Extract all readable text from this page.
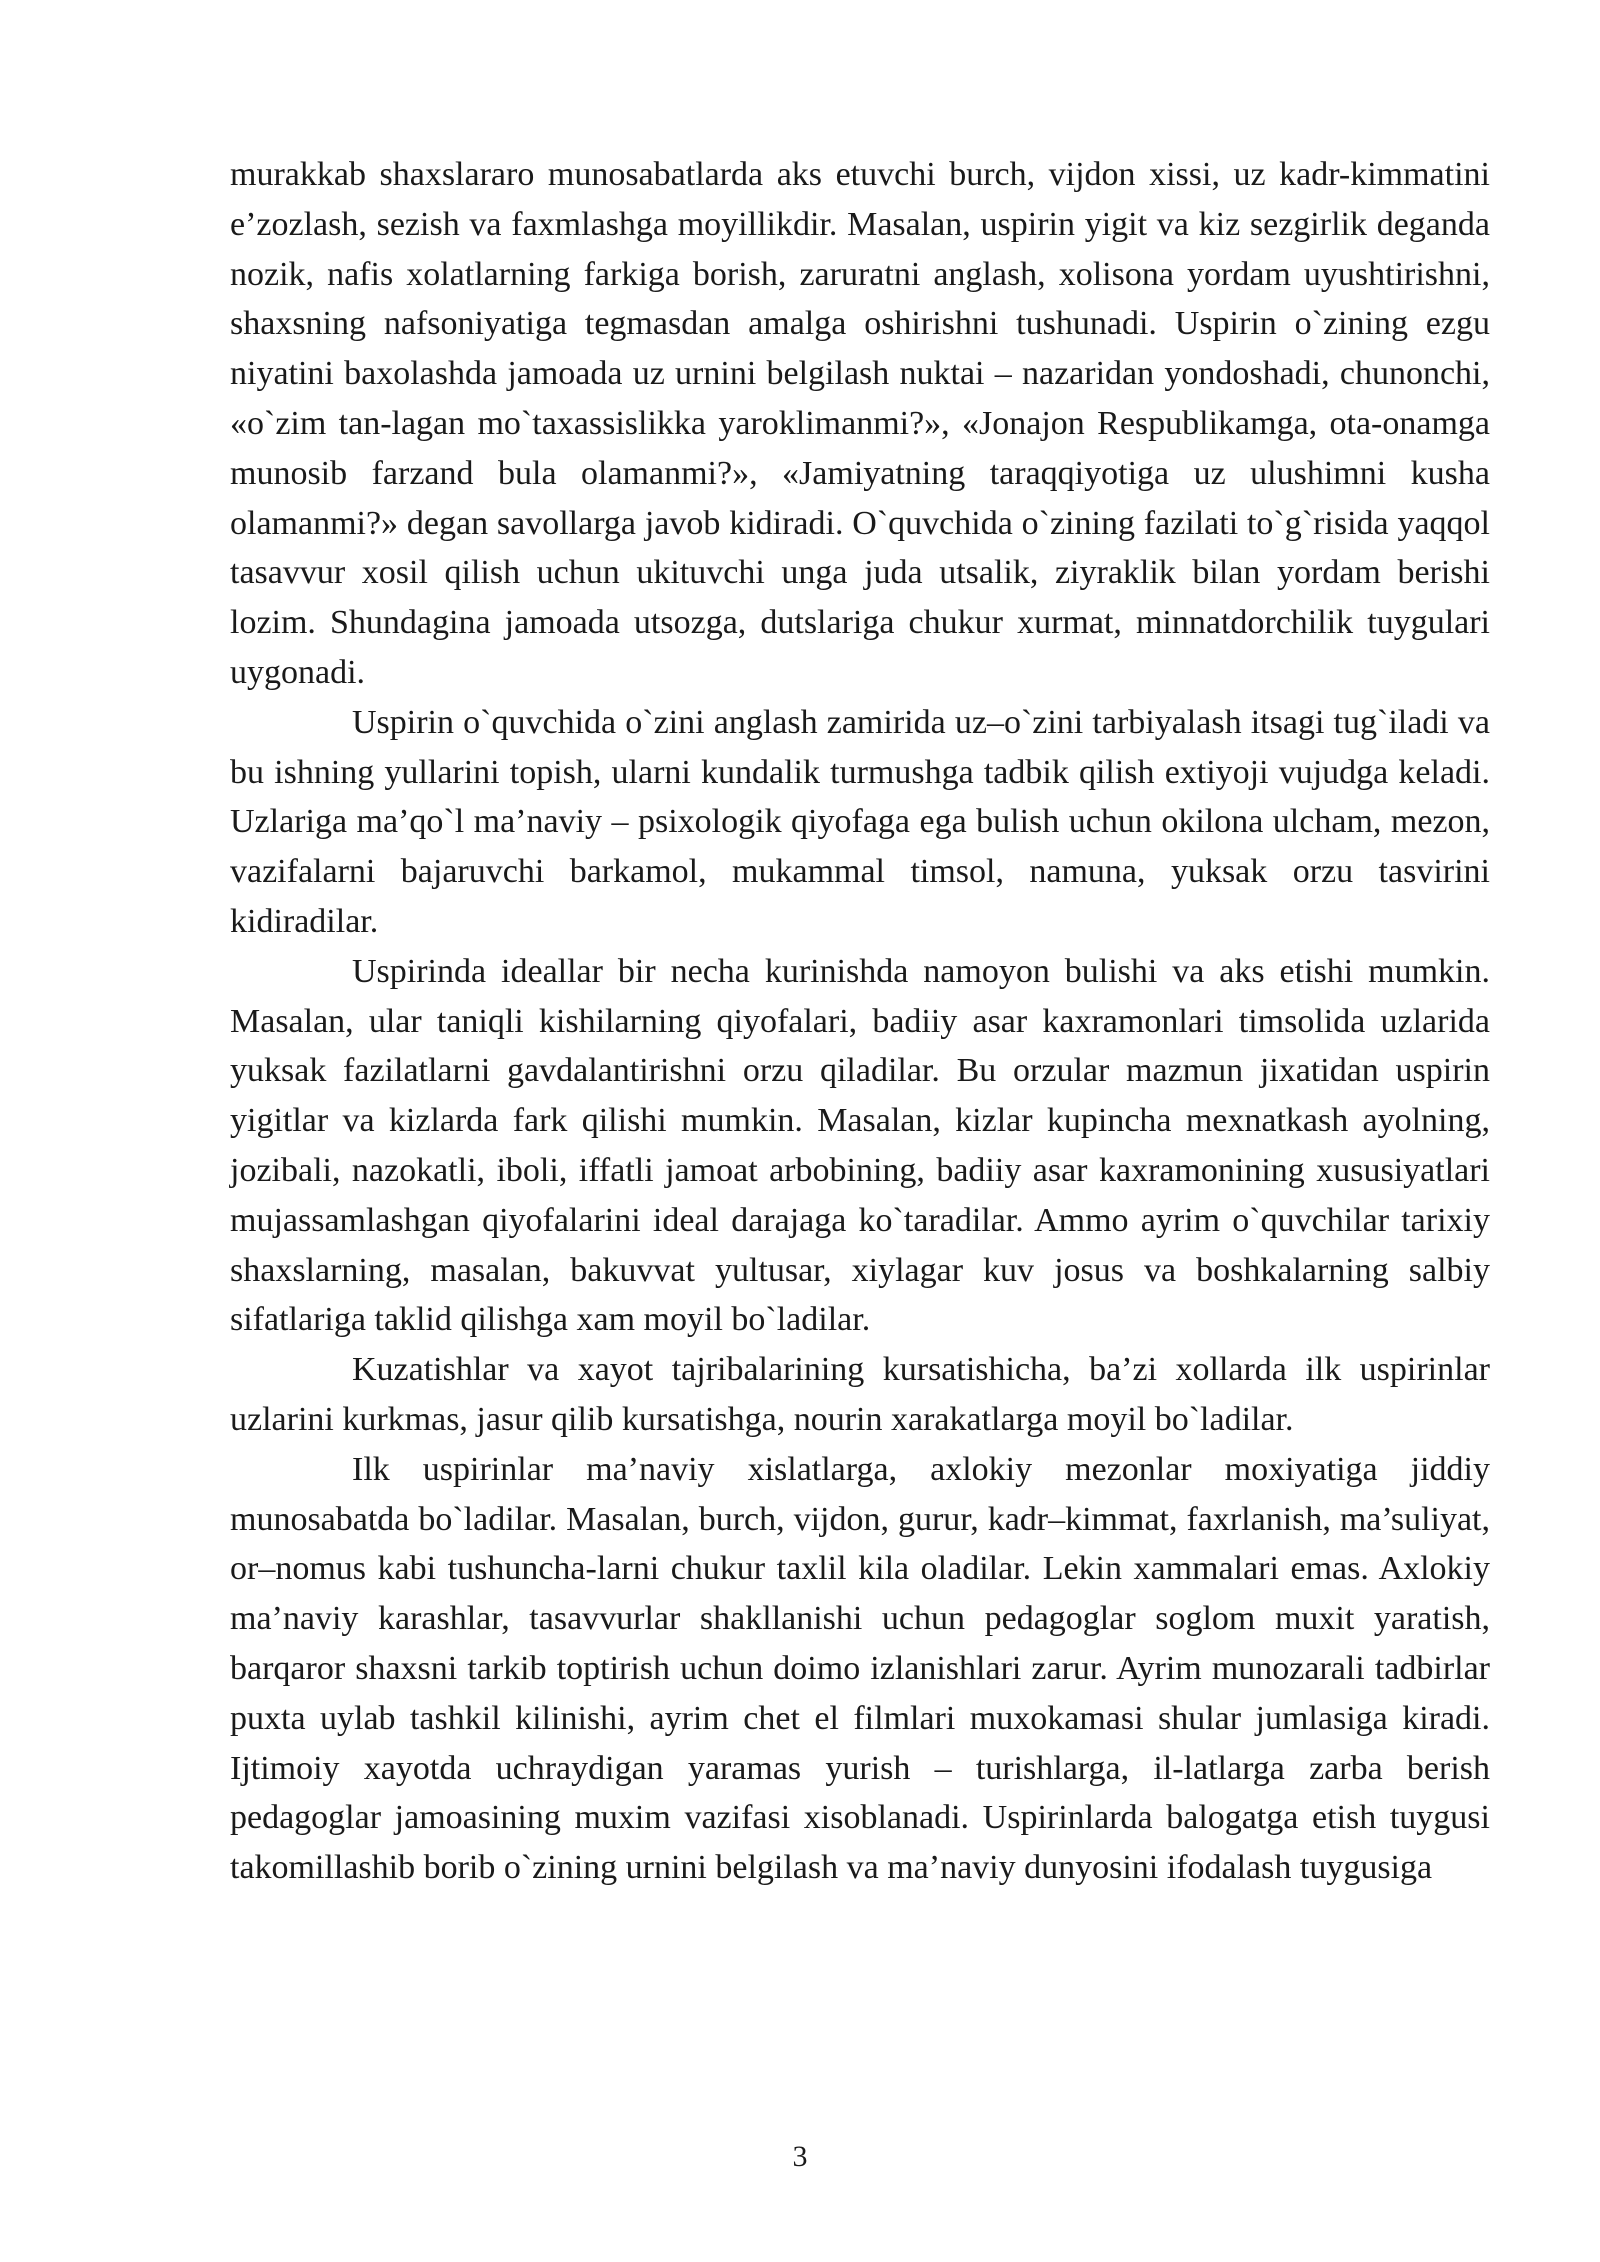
murakkab shaxslararo munosabatlarda aks etuvchi burch, vijdon xissi, uz kadr-kimmatini e’zozlash, sezish va faxmlashga moyillikdir. Masalan, uspirin yigit va kiz sezgirlik deganda nozik, nafis xolatlarning farkiga borish, zaruratni anglash, xolisona yordam uyushtirishni, shaxsning nafsoniyatiga tegmasdan amalga oshirishni tushunadi. Uspirin o`zining ezgu niyatini baxolashda jamoada uz urnini belgilash nuktai – nazaridan yondoshadi, chunonchi, «o`zim tan-lagan mo`taxassislikka yaroklimanmi?», «Jonajon Respublikamga, ota-onamga munosib farzand bula olamanmi?», «Jamiyatning taraqqiyotiga uz ulushimni kusha olamanmi?» degan savollarga javob kidiradi. O`quvchida o`zining fazilati to`g`risida yaqqol tasavvur xosil qilish uchun ukituvchi unga juda utsalik, ziyraklik bilan yordam berishi lozim. Shundagina jamoada utsozga, dutslariga chukur xurmat, minnatdorchilik tuygulari uygonadi.

Uspirin o`quvchida o`zini anglash zamirida uz–o`zini tarbiyalash itsagi tug`iladi va bu ishning yullarini topish, ularni kundalik turmushga tadbik qilish extiyoji vujudga keladi. Uzlariga ma’qo`l ma’naviy – psixologik qiyofaga ega bulish uchun okilona ulcham, mezon, vazifalarni bajaruvchi barkamol, mukammal timsol, namuna, yuksak orzu tasvirini kidiradilar.

Uspirinda ideallar bir necha kurinishda namoyon bulishi va aks etishi mumkin. Masalan, ular taniqli kishilarning qiyofalari, badiiy asar kaxramonlari timsolida uzlarida yuksak fazilatlarni gavdalantirishni orzu qiladilar. Bu orzular mazmun jixatidan uspirin yigitlar va kizlarda fark qilishi mumkin. Masalan, kizlar kupincha mexnatkash ayolning, jozibali, nazokatli, iboli, iffatli jamoat arbobining, badiiy asar kaxramonining xususiyatlari mujassamlashgan qiyofalarini ideal darajaga ko`taradilar. Ammo ayrim o`quvchilar tarixiy shaxslarning, masalan, bakuvvat yultusar, xiylagar kuv josus va boshkalarning salbiy sifatlariga taklid qilishga xam moyil bo`ladilar.

Kuzatishlar va xayot tajribalarining kursatishicha, ba’zi xollarda ilk uspirinlar uzlarini kurkmas, jasur qilib kursatishga, nourin xarakatlarga moyil bo`ladilar.

Ilk uspirinlar ma’naviy xislatlarga, axlokiy mezonlar moxiyatiga jiddiy munosabatda bo`ladilar. Masalan, burch, vijdon, gurur, kadr–kimmat, faxrlanish, ma’suliyat, or–nomus kabi tushuncha-larni chukur taxlil kila oladilar. Lekin xammalari emas. Axlokiy ma’naviy karashlar, tasavvurlar shakllanishi uchun pedagoglar soglom muxit yaratish, barqaror shaxsni tarkib toptirish uchun doimo izlanishlari zarur. Ayrim munozarali tadbirlar puxta uylab tashkil kilinishi, ayrim chet el filmlari muxokamasi shular jumlasiga kiradi. Ijtimoiy xayotda uchraydigan yaramas yurish – turishlarga, il-latlarga zarba berish pedagoglar jamoasining muxim vazifasi xisoblanadi. Uspirinlarda balogatga etish tuygusi takomillashib borib o`zining urnini belgilash va ma’naviy dunyosini ifodalash tuygusiga

3
